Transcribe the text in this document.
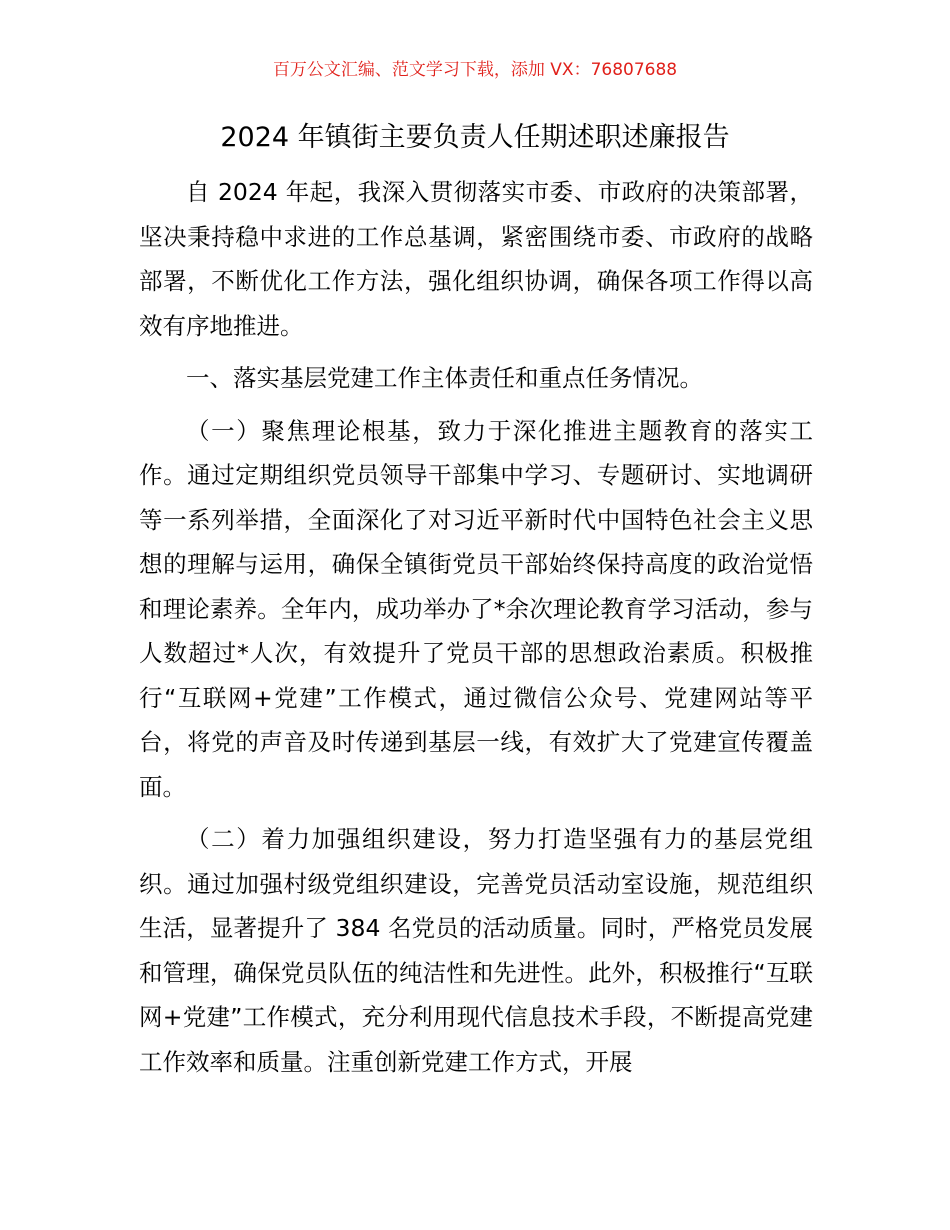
百万公文汇编、范文学习下载，添加 VX：76807688
2024 年镇街主要负责人任期述职述廉报告

自 2024 年起，我深入贯彻落实市委、市政府的决策部署，坚决秉持稳中求进的工作总基调，紧密围绕市委、市政府的战略部署，不断优化工作方法，强化组织协调，确保各项工作得以高效有序地推进。

一、落实基层党建工作主体责任和重点任务情况。

（一）聚焦理论根基，致力于深化推进主题教育的落实工作。通过定期组织党员领导干部集中学习、专题研讨、实地调研等一系列举措，全面深化了对习近平新时代中国特色社会主义思想的理解与运用，确保全镇街党员干部始终保持高度的政治觉悟和理论素养。全年内，成功举办了*余次理论教育学习活动，参与人数超过*人次，有效提升了党员干部的思想政治素质。积极推行“互联网+党建”工作模式，通过微信公众号、党建网站等平台，将党的声音及时传递到基层一线，有效扩大了党建宣传覆盖面。

（二）着力加强组织建设，努力打造坚强有力的基层党组织。通过加强村级党组织建设，完善党员活动室设施，规范组织生活，显著提升了 384 名党员的活动质量。同时，严格党员发展和管理，确保党员队伍的纯洁性和先进性。此外，积极推行“互联网+党建”工作模式，充分利用现代信息技术手段，不断提高党建工作效率和质量。注重创新党建工作方式，开展
